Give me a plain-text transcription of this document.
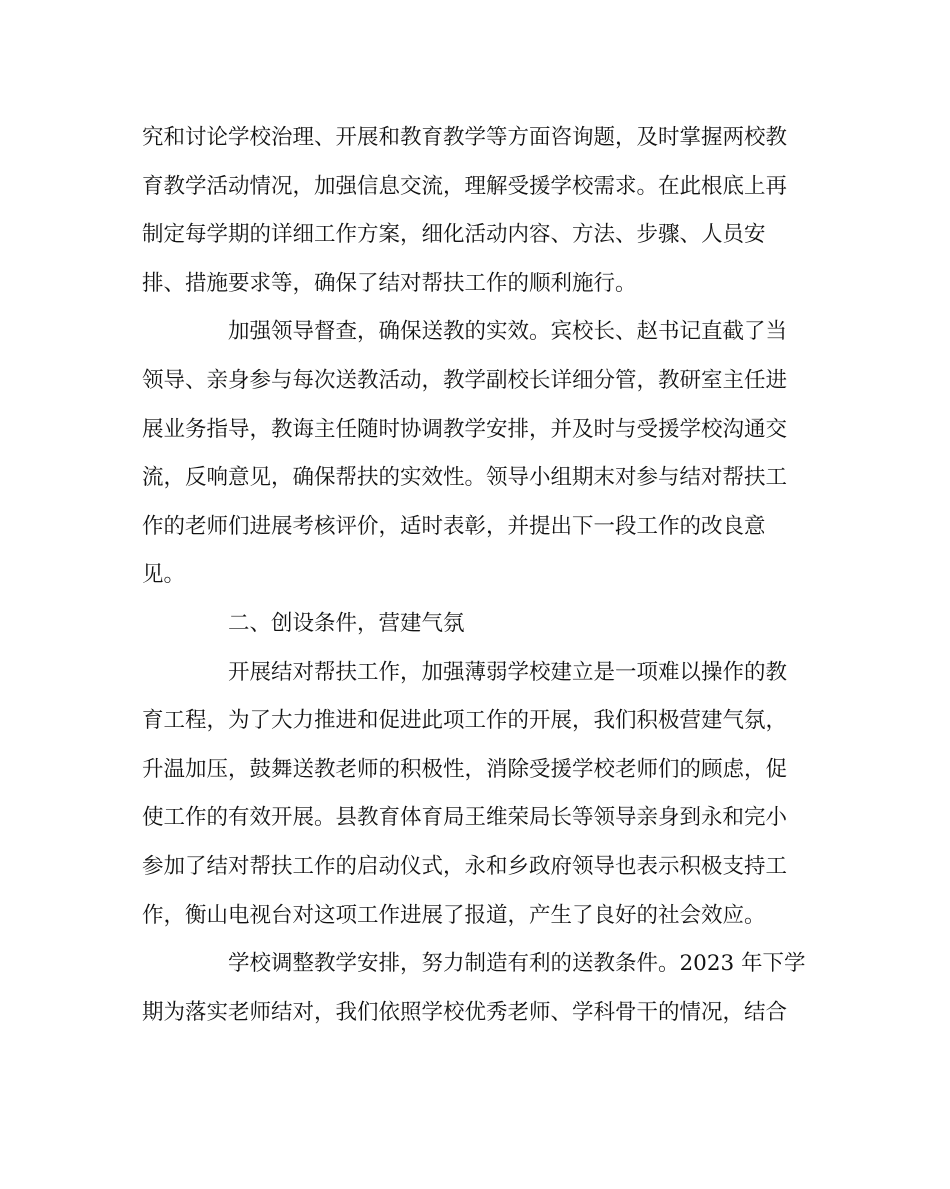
究和讨论学校治理、开展和教育教学等方面咨询题，及时掌握两校教
育教学活动情况，加强信息交流，理解受援学校需求。在此根底上再
制定每学期的详细工作方案，细化活动内容、方法、步骤、人员安
排、措施要求等，确保了结对帮扶工作的顺利施行。
加强领导督查，确保送教的实效。宾校长、赵书记直截了当
领导、亲身参与每次送教活动，教学副校长详细分管，教研室主任进
展业务指导，教诲主任随时协调教学安排，并及时与受援学校沟通交
流，反响意见，确保帮扶的实效性。领导小组期末对参与结对帮扶工
作的老师们进展考核评价，适时表彰，并提出下一段工作的改良意
见。
二、创设条件，营建气氛
开展结对帮扶工作，加强薄弱学校建立是一项难以操作的教
育工程，为了大力推进和促进此项工作的开展，我们积极营建气氛，
升温加压，鼓舞送教老师的积极性，消除受援学校老师们的顾虑，促
使工作的有效开展。县教育体育局王维荣局长等领导亲身到永和完小
参加了结对帮扶工作的启动仪式，永和乡政府领导也表示积极支持工
作，衡山电视台对这项工作进展了报道，产生了良好的社会效应。
学校调整教学安排，努力制造有利的送教条件。2023 年下学
期为落实老师结对，我们依照学校优秀老师、学科骨干的情况，结合
